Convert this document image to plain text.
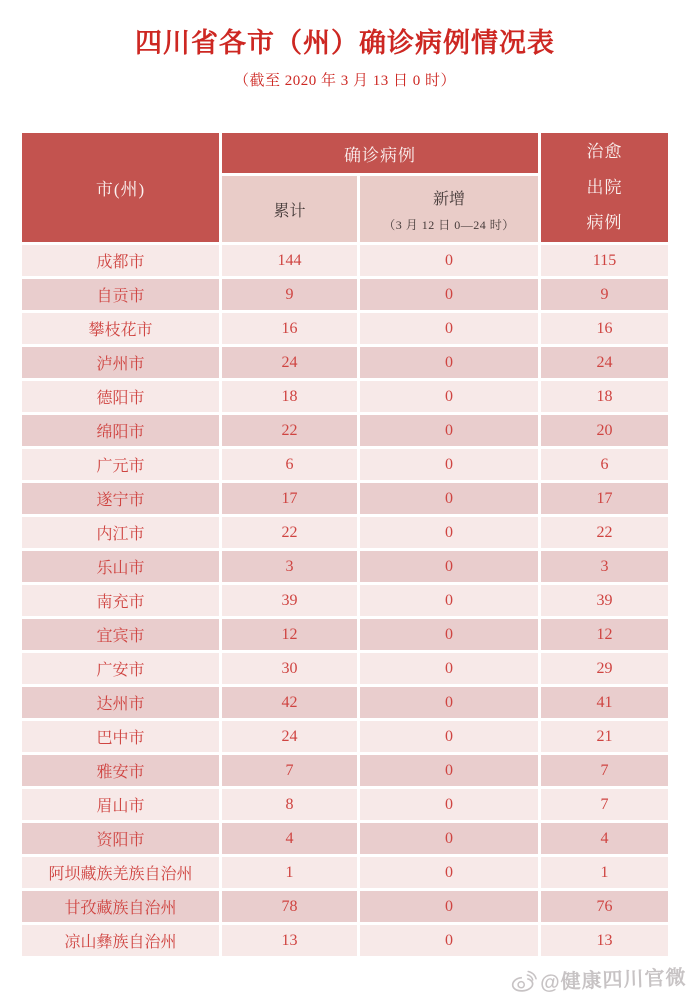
四川省各市（州）确诊病例情况表
（截至 2020 年 3 月 13 日 0 时）
市(州)	确诊病例		治愈
出院
病例

	累计	新增
（3 月 12 日 0—24 时）	

成都市	144	0	115
自贡市	9	0	9
攀枝花市	16	0	16
泸州市	24	0	24
德阳市	18	0	18
绵阳市	22	0	20
广元市	6	0	6
遂宁市	17	0	17
内江市	22	0	22
乐山市	3	0	3
南充市	39	0	39
宜宾市	12	0	12
广安市	30	0	29
达州市	42	0	41
巴中市	24	0	21
雅安市	7	0	7
眉山市	8	0	7
资阳市	4	0	4
阿坝藏族羌族自治州	1	0	1
甘孜藏族自治州	78	0	76
凉山彝族自治州	13	0	13
@健康四川官微
